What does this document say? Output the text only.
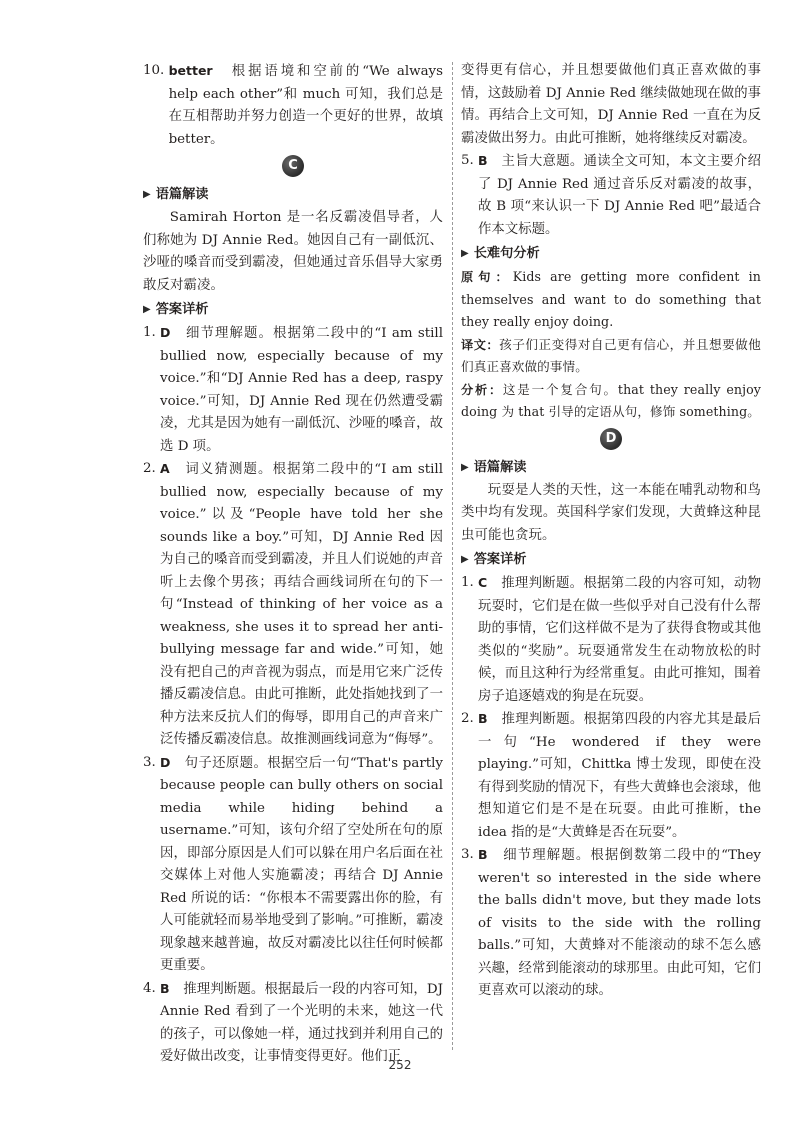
10. better　根据语境和空前的“We always help each other”和 much 可知，我们总是在互相帮助并努力创造一个更好的世界，故填 better。
C
▶ 语篇解读

Samirah Horton 是一名反霸凌倡导者，人们称她为 DJ Annie Red。她因自己有一副低沉、沙哑的嗓音而受到霸凌，但她通过音乐倡导大家勇敢反对霸凌。

▶ 答案详析
1. D　细节理解题。根据第二段中的“I am still bullied now, especially because of my voice.”和“DJ Annie Red has a deep, raspy voice.”可知，DJ Annie Red 现在仍然遭受霸凌，尤其是因为她有一副低沉、沙哑的嗓音，故选 D 项。
2. A　词义猜测题。根据第二段中的“I am still bullied now, especially because of my voice.”以及“People have told her she sounds like a boy.”可知，DJ Annie Red 因为自己的嗓音而受到霸凌，并且人们说她的声音听上去像个男孩；再结合画线词所在句的下一句“Instead of thinking of her voice as a weakness, she uses it to spread her anti-bullying message far and wide.”可知，她没有把自己的声音视为弱点，而是用它来广泛传播反霸凌信息。由此可推断，此处指她找到了一种方法来反抗人们的侮辱，即用自己的声音来广泛传播反霸凌信息。故推测画线词意为“侮辱”。
3. D　句子还原题。根据空后一句“That's partly because people can bully others on social media while hiding behind a username.”可知，该句介绍了空处所在句的原因，即部分原因是人们可以躲在用户名后面在社交媒体上对他人实施霸凌；再结合 DJ Annie Red 所说的话：“你根本不需要露出你的脸，有人可能就轻而易举地受到了影响。”可推断，霸凌现象越来越普遍，故反对霸凌比以往任何时候都更重要。
4. B　推理判断题。根据最后一段的内容可知，DJ Annie Red 看到了一个光明的未来，她这一代的孩子，可以像她一样，通过找到并利用自己的爱好做出改变，让事情变得更好。他们正
变得更有信心，并且想要做他们真正喜欢做的事情，这鼓励着 DJ Annie Red 继续做她现在做的事情。再结合上文可知，DJ Annie Red 一直在为反霸凌做出努力。由此可推断，她将继续反对霸凌。
5. B　主旨大意题。通读全文可知，本文主要介绍了 DJ Annie Red 通过音乐反对霸凌的故事，故 B 项“来认识一下 DJ Annie Red 吧”最适合作本文标题。
▶ 长难句分析

原句：Kids are getting more confident in themselves and want to do something that they really enjoy doing.

译文：孩子们正变得对自己更有信心，并且想要做他们真正喜欢做的事情。

分析：这是一个复合句。that they really enjoy doing 为 that 引导的定语从句，修饰 something。

D
▶ 语篇解读

玩耍是人类的天性，这一本能在哺乳动物和鸟类中均有发现。英国科学家们发现，大黄蜂这种昆虫可能也贪玩。

▶ 答案详析
1. C　推理判断题。根据第二段的内容可知，动物玩耍时，它们是在做一些似乎对自己没有什么帮助的事情，它们这样做不是为了获得食物或其他类似的“奖励”。玩耍通常发生在动物放松的时候，而且这种行为经常重复。由此可推知，围着房子追逐嬉戏的狗是在玩耍。
2. B　推理判断题。根据第四段的内容尤其是最后一句“He wondered if they were playing.”可知，Chittka 博士发现，即使在没有得到奖励的情况下，有些大黄蜂也会滚球，他想知道它们是不是在玩耍。由此可推断，the idea 指的是“大黄蜂是否在玩耍”。
3. B　细节理解题。根据倒数第二段中的“They weren't so interested in the side where the balls didn't move, but they made lots of visits to the side with the rolling balls.”可知，大黄蜂对不能滚动的球不怎么感兴趣，经常到能滚动的球那里。由此可知，它们更喜欢可以滚动的球。
252
